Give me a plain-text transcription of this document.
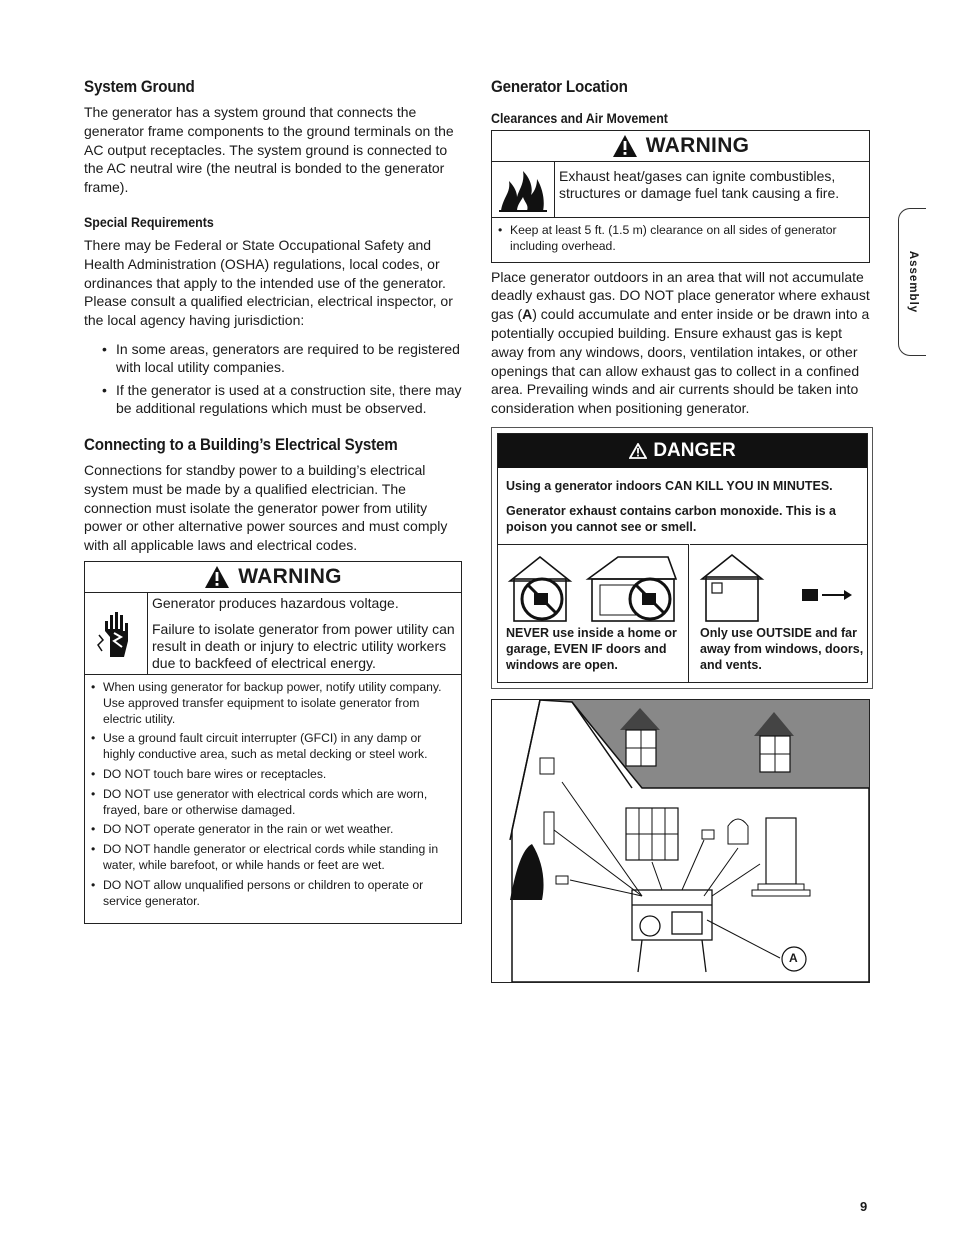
System Ground

The generator has a system ground that connects the generator frame components to the ground terminals on the AC output receptacles. The system ground is connected to the AC neutral wire (the neutral is bonded to the generator frame).

Special Requirements

There may be Federal or State Occupational Safety and Health Administration (OSHA) regulations, local codes, or ordinances that apply to the intended use of the generator. Please consult a qualified electrician, electrical inspector, or the local agency having jurisdiction:

• In some areas, generators are required to be registered with local utility companies.
• If the generator is used at a construction site, there may be additional regulations which must be observed.
Connecting to a Building’s Electrical System

Connections for standby power to a building’s electrical system must be made by a qualified electrician. The connection must isolate the generator power from utility power or other alternative power sources and must comply with all applicable laws and electrical codes.

WARNING
Generator produces hazardous voltage.
Failure to isolate generator from power utility can result in death or injury to electric utility workers due to backfeed of electrical energy.
• When using generator for backup power, notify utility company. Use approved transfer equipment to isolate generator from electric utility.
• Use a ground fault circuit interrupter (GFCI) in any damp or highly conductive area, such as metal decking or steel work.
• DO NOT touch bare wires or receptacles.
• DO NOT use generator with electrical cords which are worn, frayed, bare or otherwise damaged.
• DO NOT operate generator in the rain or wet weather.
• DO NOT handle generator or electrical cords while standing in water, while barefoot, or while hands or feet are wet.
• DO NOT allow unqualified persons or children to operate or service generator.
Generator Location
Clearances and Air Movement
WARNING
Exhaust heat/gases can ignite combustibles, structures or damage fuel tank causing a fire.
• Keep at least 5 ft. (1.5 m) clearance on all sides of generator including overhead.

Place generator outdoors in an area that will not accumulate deadly exhaust gas. DO NOT place generator where exhaust gas (A) could accumulate and enter inside or be drawn into a potentially occupied building. Ensure exhaust gas is kept away from any windows, doors, ventilation intakes, or other openings that can allow exhaust gas to collect in a confined area. Prevailing winds and air currents should be taken into consideration when positioning generator.

DANGER
Using a generator indoors CAN KILL YOU IN MINUTES.
Generator exhaust contains carbon monoxide. This is a poison you cannot see or smell.
NEVER use inside a home or garage, EVEN IF doors and windows are open.
Only use OUTSIDE and far away from windows, doors, and vents.
A
Assembly
9
